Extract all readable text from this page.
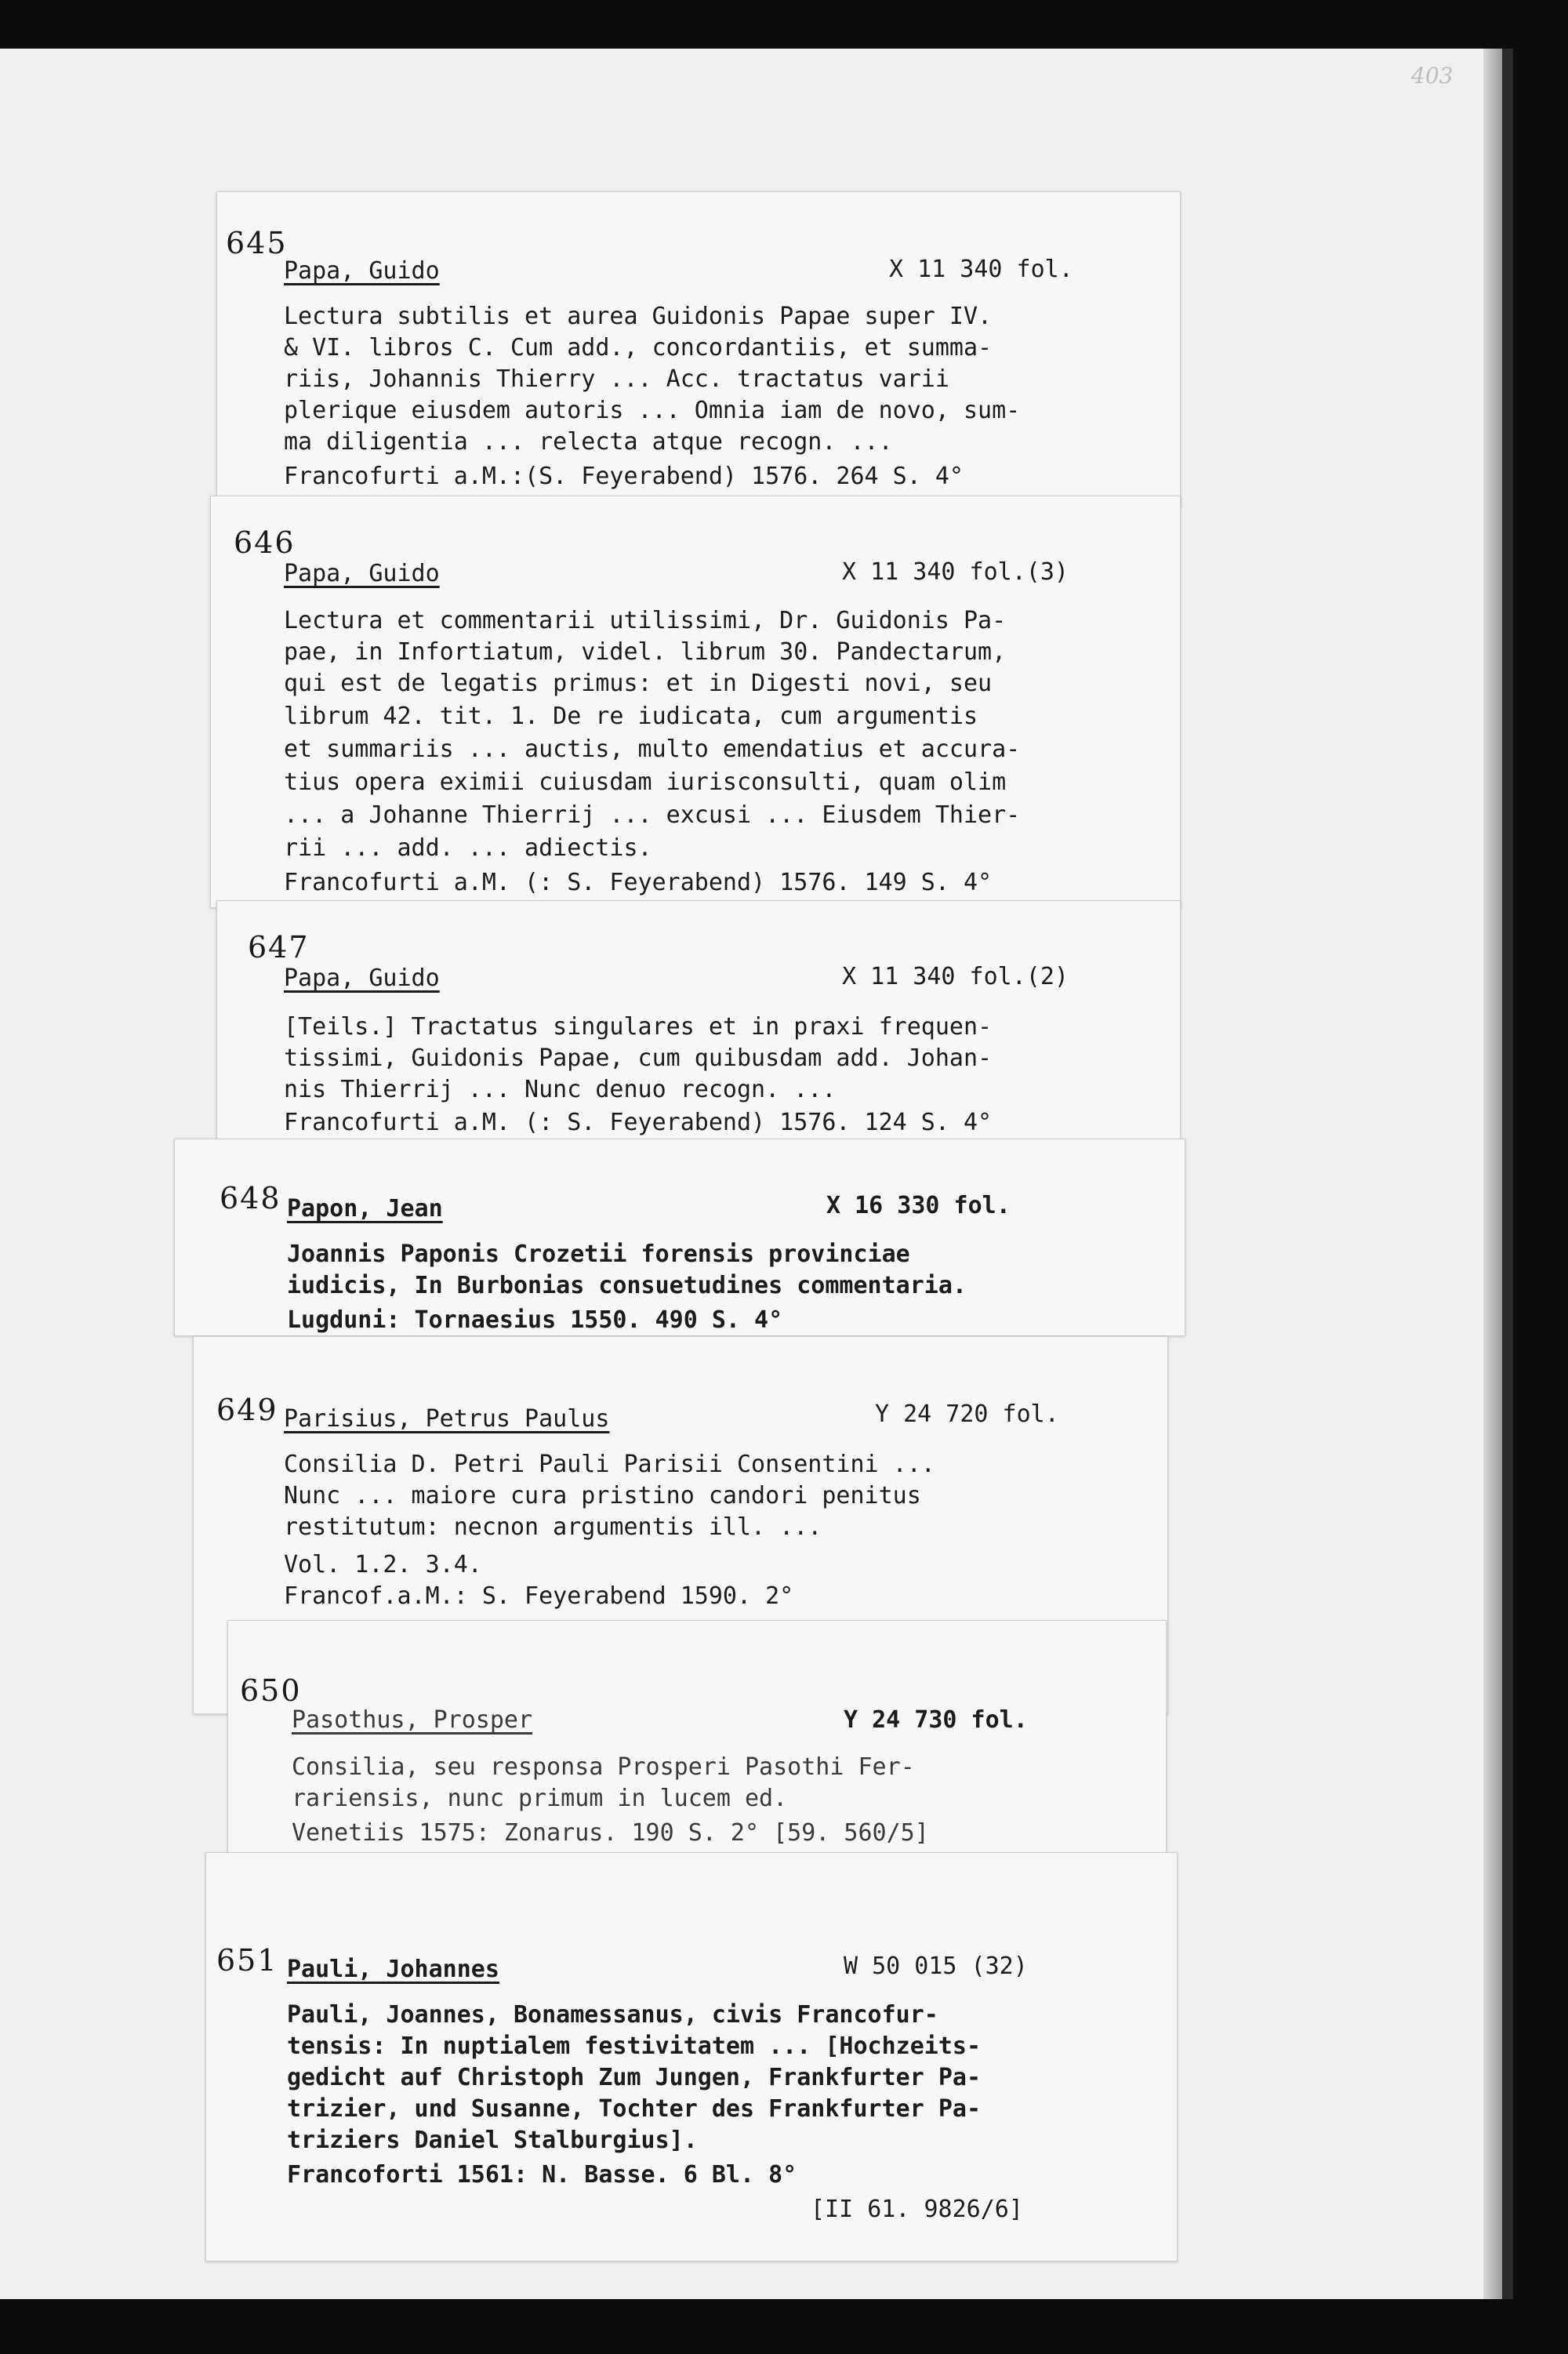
403
645
Papa, Guido	X 11 340 fol.
Lectura subtilis et aurea Guidonis Papae super IV.
& VI. libros C. Cum add., concordantiis, et summa-
riis, Johannis Thierry ... Acc. tractatus varii
plerique eiusdem autoris ... Omnia iam de novo, sum-
ma diligentia ... relecta atque recogn. ...
Francofurti a.M.:(S. Feyerabend) 1576. 264 S. 4°
646
Papa, Guido	X 11 340 fol.(3)
Lectura et commentarii utilissimi, Dr. Guidonis Pa-
pae, in Infortiatum, videl. librum 30. Pandectarum,
qui est de legatis primus: et in Digesti novi, seu
librum 42. tit. 1. De re iudicata, cum argumentis
et summariis ... auctis, multo emendatius et accura-
tius opera eximii cuiusdam iurisconsulti, quam olim
... a Johanne Thierrij ... excusi ... Eiusdem Thier-
rii ... add. ... adiectis.
Francofurti a.M. (: S. Feyerabend) 1576. 149 S. 4°
647
Papa, Guido	X 11 340 fol.(2)
[Teils.] Tractatus singulares et in praxi frequen-
tissimi, Guidonis Papae, cum quibusdam add. Johan-
nis Thierrij ... Nunc denuo recogn. ...
Francofurti a.M. (: S. Feyerabend) 1576. 124 S. 4°
648 Papon, Jean	X 16 330 fol.
Joannis Paponis Crozetii forensis provinciae
iudicis, In Burbonias consuetudines commentaria.
Lugduni: Tornaesius 1550. 490 S. 4°
649 Parisius, Petrus Paulus	Y 24 720 fol.
Consilia D. Petri Pauli Parisii Consentini ...
Nunc ... maiore cura pristino candori penitus
restitutum: necnon argumentis ill. ...
Vol. 1.2. 3.4.
Francof.a.M.: S. Feyerabend 1590. 2°
650
Pasothus, Prosper	Y 24 730 fol.
Consilia, seu responsa Prosperi Pasothi Fer-
rariensis, nunc primum in lucem ed.
Venetiis 1575: Zonarus. 190 S. 2° [59. 560/5]
651 Pauli, Johannes	W 50 015 (32)
Pauli, Joannes, Bonamessanus, civis Francofur-
tensis: In nuptialem festivitatem ... [Hochzeits-
gedicht auf Christoph Zum Jungen, Frankfurter Pa-
trizier, und Susanne, Tochter des Frankfurter Pa-
triziers Daniel Stalburgius].
Francoforti 1561: N. Basse. 6 Bl. 8°
[II 61. 9826/6]
